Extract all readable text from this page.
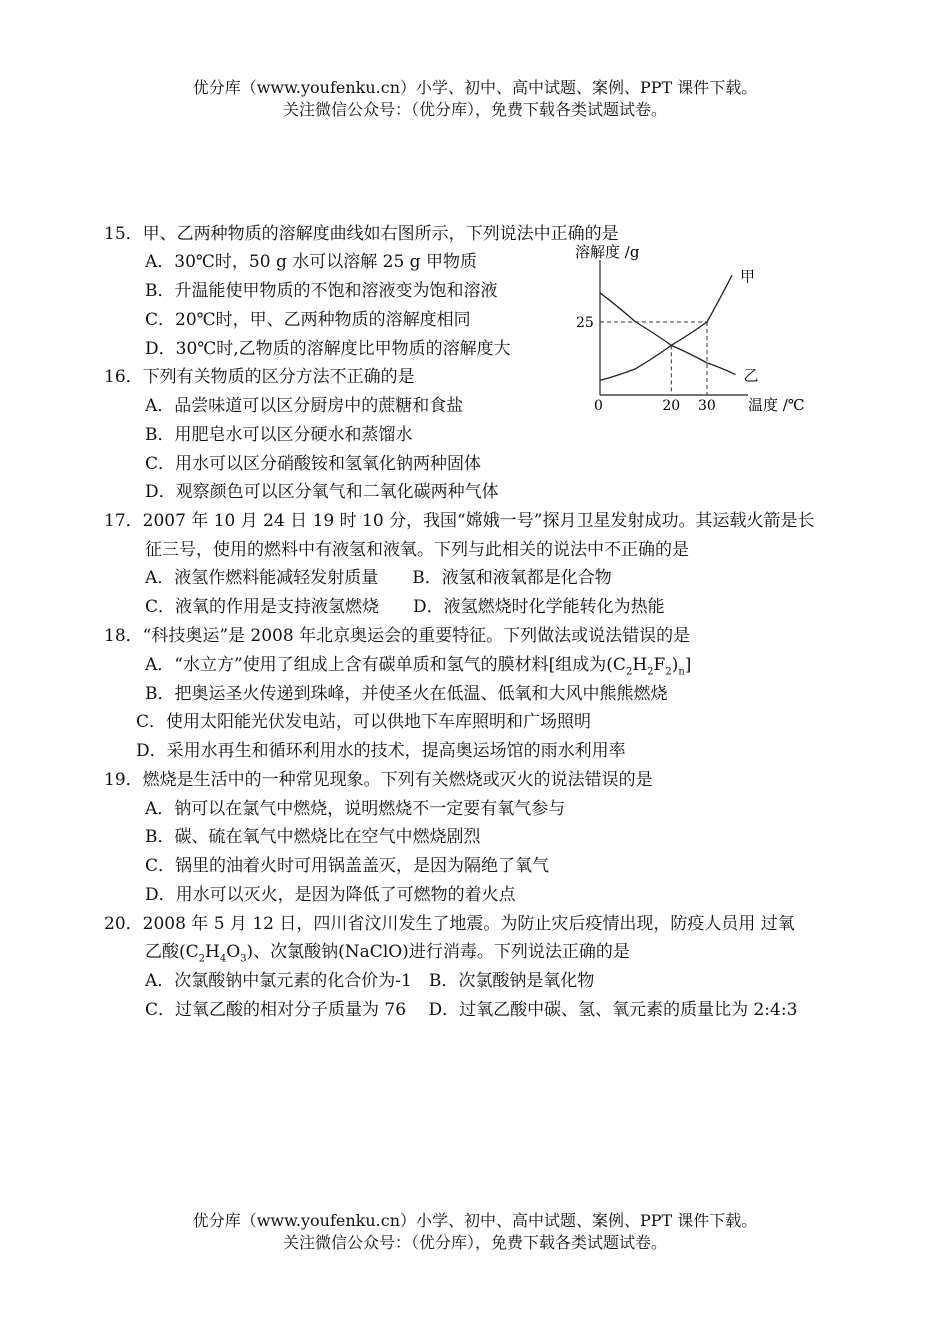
优分库（www.youfenku.cn）小学、初中、高中试题、案例、PPT 课件下载。
关注微信公众号：（优分库），免费下载各类试题试卷。
15．甲、乙两种物质的溶解度曲线如右图所示，下列说法中正确的是
A．30℃时，50 g 水可以溶解 25 g 甲物质
B．升温能使甲物质的不饱和溶液变为饱和溶液
C．20℃时，甲、乙两种物质的溶解度相同
D．30℃时,乙物质的溶解度比甲物质的溶解度大
16．下列有关物质的区分方法不正确的是
A．品尝味道可以区分厨房中的蔗糖和食盐
B．用肥皂水可以区分硬水和蒸馏水
C．用水可以区分硝酸铵和氢氧化钠两种固体
D．观察颜色可以区分氧气和二氧化碳两种气体
17．2007 年 10 月 24 日 19 时 10 分，我国“嫦娥一号”探月卫星发射成功。其运载火箭是长
征三号，使用的燃料中有液氢和液氧。下列与此相关的说法中不正确的是
A．液氢作燃料能减轻发射质量　　B．液氢和液氧都是化合物
C．液氧的作用是支持液氢燃烧　　D．液氢燃烧时化学能转化为热能
18．“科技奥运”是 2008 年北京奥运会的重要特征。下列做法或说法错误的是
A．“水立方”使用了组成上含有碳单质和氢气的膜材料[组成为$(C_2H_2F_2)_n$]
B．把奥运圣火传递到珠峰，并使圣火在低温、低氧和大风中熊熊燃烧
C．使用太阳能光伏发电站，可以供地下车库照明和广场照明
D．采用水再生和循环利用水的技术，提高奥运场馆的雨水利用率
19．燃烧是生活中的一种常见现象。下列有关燃烧或灭火的说法错误的是
A．钠可以在氯气中燃烧，说明燃烧不一定要有氧气参与
B．碳、硫在氧气中燃烧比在空气中燃烧剧烈
C．锅里的油着火时可用锅盖盖灭，是因为隔绝了氧气
D．用水可以灭火，是因为降低了可燃物的着火点
20．2008 年 5 月 12 日，四川省汶川发生了地震。为防止灾后疫情出现，防疫人员用 过氧
乙酸$(C_2H_4O_3)$、次氯酸钠(NaClO)进行消毒。下列说法正确的是
A．次氯酸钠中氯元素的化合价为-1　B．次氯酸钠是氧化物
C．过氧乙酸的相对分子质量为 76　 D．过氧乙酸中碳、氢、氧元素的质量比为 2:4:3
甲
乙
溶解度 /g
温度 /℃
0	20 30
25
优分库（www.youfenku.cn）小学、初中、高中试题、案例、PPT 课件下载。
关注微信公众号：（优分库），免费下载各类试题试卷。
